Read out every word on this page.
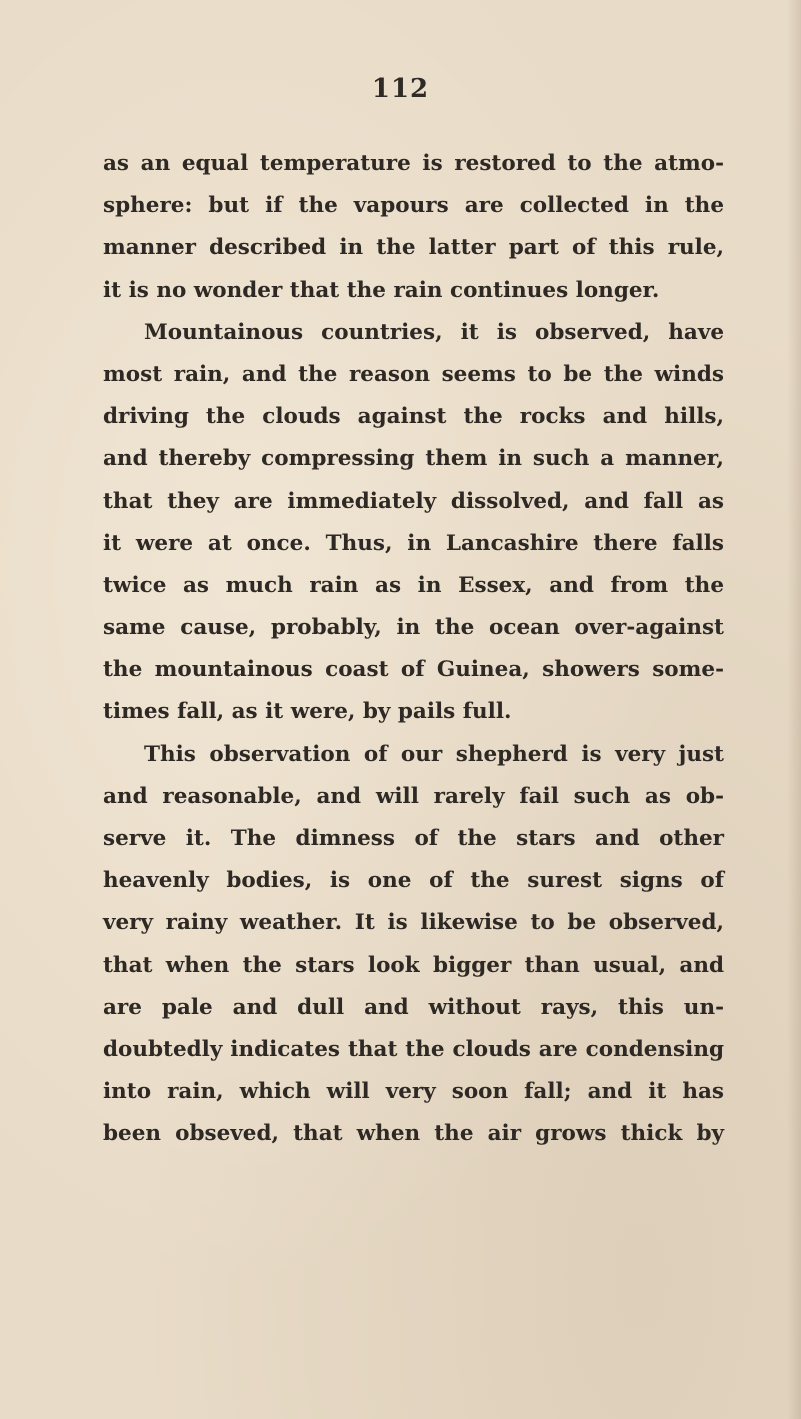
112
as an equal temperature is restored to the atmo-
sphere: but if the vapours are collected in the
manner described in the latter part of this rule,
it is no wonder that the rain continues longer.
Mountainous countries, it is observed, have
most rain, and the reason seems to be the winds
driving the clouds against the rocks and hills,
and thereby compressing them in such a manner,
that they are immediately dissolved, and fall as
it were at once. Thus, in Lancashire there falls
twice as much rain as in Essex, and from the
same cause, probably, in the ocean over-against
the mountainous coast of Guinea, showers some-
times fall, as it were, by pails full.
This observation of our shepherd is very just
and reasonable, and will rarely fail such as ob-
serve it. The dimness of the stars and other
heavenly bodies, is one of the surest signs of
very rainy weather. It is likewise to be observed,
that when the stars look bigger than usual, and
are pale and dull and without rays, this un-
doubtedly indicates that the clouds are condensing
into rain, which will very soon fall; and it has
been obseved, that when the air grows thick by
